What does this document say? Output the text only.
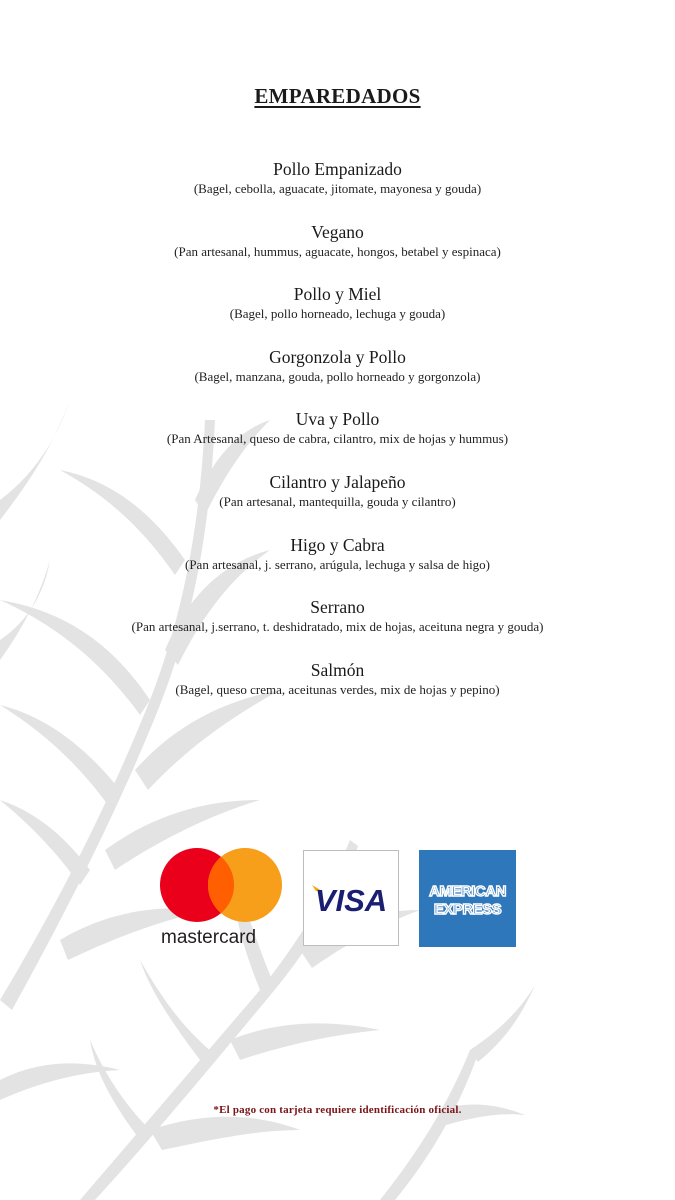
EMPAREDADOS
Pollo Empanizado
(Bagel, cebolla, aguacate, jitomate, mayonesa y gouda)
Vegano
(Pan artesanal, hummus, aguacate, hongos, betabel y espinaca)
Pollo y Miel
(Bagel, pollo horneado, lechuga y gouda)
Gorgonzola y Pollo
(Bagel, manzana, gouda, pollo horneado y gorgonzola)
Uva y Pollo
(Pan Artesanal, queso de cabra, cilantro, mix de hojas y hummus)
Cilantro y Jalapeño
(Pan artesanal, mantequilla, gouda y cilantro)
Higo y Cabra
(Pan artesanal, j. serrano, arúgula, lechuga y salsa de higo)
Serrano
(Pan artesanal, j.serrano, t. deshidratado, mix de hojas, aceituna negra y gouda)
Salmón
(Bagel, queso crema, aceitunas verdes, mix de hojas y pepino)
mastercard
VISA	AMERICAN
EXPRESS
*El pago con tarjeta requiere identificación oficial.
